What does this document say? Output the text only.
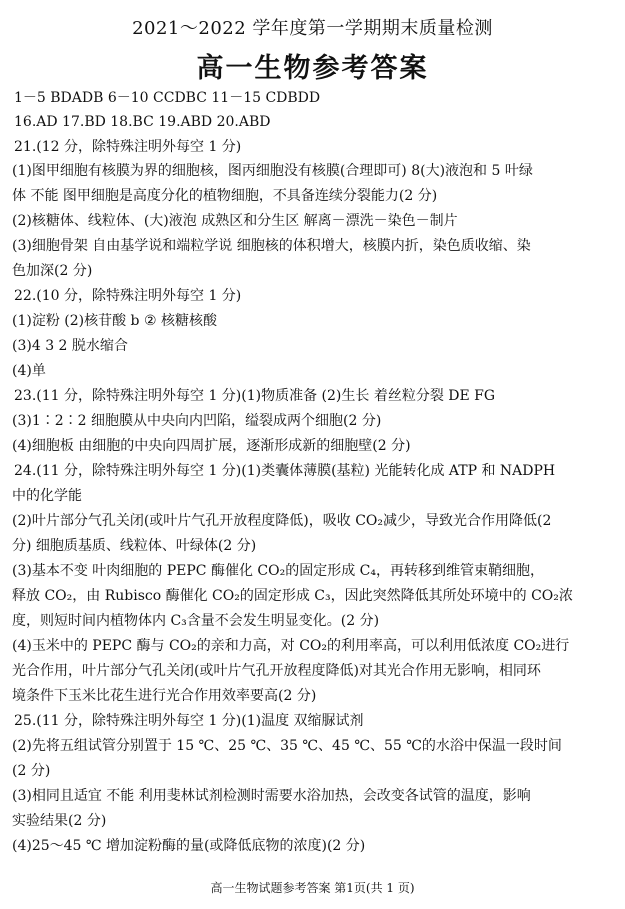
2021～2022 学年度第一学期期末质量检测
高一生物参考答案
1－5 BDADB 6－10 CCDBC 11－15 CDBDD
16.AD 17.BD 18.BC 19.ABD 20.ABD
21.(12 分，除特殊注明外每空 1 分)
(1)图甲细胞有核膜为界的细胞核，图丙细胞没有核膜(合理即可) 8(大)液泡和 5 叶绿
体 不能 图甲细胞是高度分化的植物细胞，不具备连续分裂能力(2 分)
(2)核糖体、线粒体、(大)液泡 成熟区和分生区 解离－漂洗－染色－制片
(3)细胞骨架 自由基学说和端粒学说 细胞核的体积增大，核膜内折，染色质收缩、染
色加深(2 分)
22.(10 分，除特殊注明外每空 1 分)
(1)淀粉 (2)核苷酸 b ② 核糖核酸
(3)4 3 2 脱水缩合
(4)单
23.(11 分，除特殊注明外每空 1 分)(1)物质准备 (2)生长 着丝粒分裂 DE FG
(3)1∶2∶2 细胞膜从中央向内凹陷，缢裂成两个细胞(2 分)
(4)细胞板 由细胞的中央向四周扩展，逐渐形成新的细胞壁(2 分)
24.(11 分，除特殊注明外每空 1 分)(1)类囊体薄膜(基粒) 光能转化成 ATP 和 NADPH
中的化学能
(2)叶片部分气孔关闭(或叶片气孔开放程度降低)，吸收 CO₂减少，导致光合作用降低(2
分) 细胞质基质、线粒体、叶绿体(2 分)
(3)基本不变 叶肉细胞的 PEPC 酶催化 CO₂的固定形成 C₄，再转移到维管束鞘细胞，
释放 CO₂，由 Rubisco 酶催化 CO₂的固定形成 C₃，因此突然降低其所处环境中的 CO₂浓
度，则短时间内植物体内 C₃含量不会发生明显变化。(2 分)
(4)玉米中的 PEPC 酶与 CO₂的亲和力高，对 CO₂的利用率高，可以利用低浓度 CO₂进行
光合作用，叶片部分气孔关闭(或叶片气孔开放程度降低)对其光合作用无影响，相同环
境条件下玉米比花生进行光合作用效率要高(2 分)
25.(11 分，除特殊注明外每空 1 分)(1)温度 双缩脲试剂
(2)先将五组试管分别置于 15 ℃、25 ℃、35 ℃、45 ℃、55 ℃的水浴中保温一段时间
(2 分)
(3)相同且适宜 不能 利用斐林试剂检测时需要水浴加热，会改变各试管的温度，影响
实验结果(2 分)
(4)25～45 ℃ 增加淀粉酶的量(或降低底物的浓度)(2 分)
高一生物试题参考答案 第1页(共 1 页)
